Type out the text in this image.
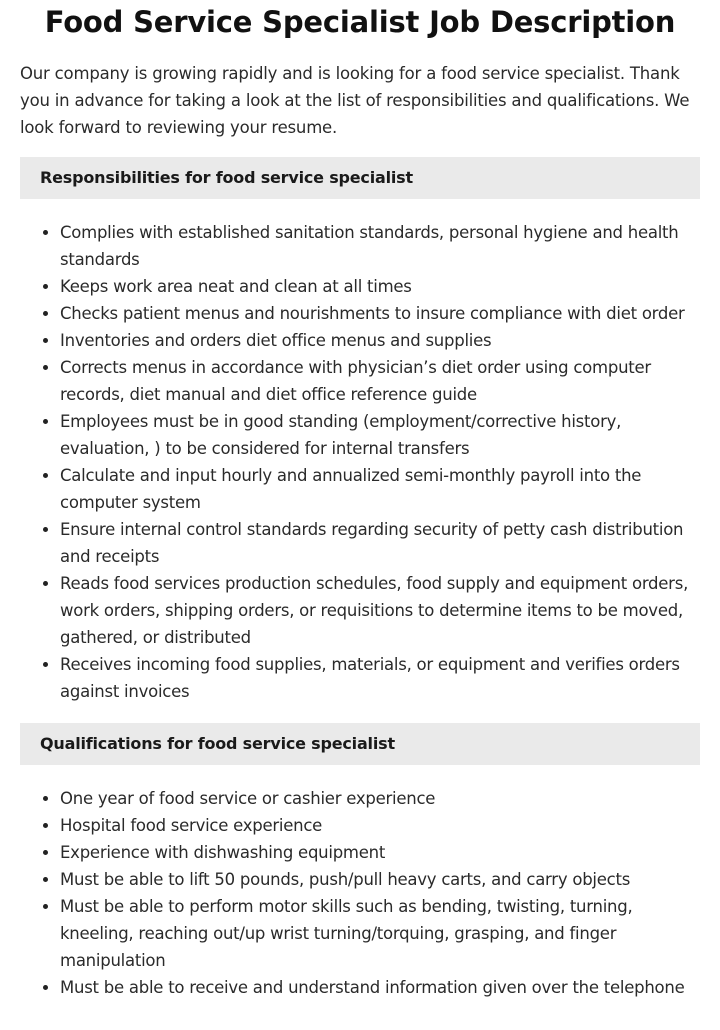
Food Service Specialist Job Description

Our company is growing rapidly and is looking for a food service specialist. Thank you in advance for taking a look at the list of responsibilities and qualifications. We look forward to reviewing your resume.

Responsibilities for food service specialist
Complies with established sanitation standards, personal hygiene and health standards
Keeps work area neat and clean at all times
Checks patient menus and nourishments to insure compliance with diet order
Inventories and orders diet office menus and supplies
Corrects menus in accordance with physician’s diet order using computer records, diet manual and diet office reference guide
Employees must be in good standing (employment/corrective history, evaluation, ) to be considered for internal transfers
Calculate and input hourly and annualized semi-monthly payroll into the computer system
Ensure internal control standards regarding security of petty cash distribution and receipts
Reads food services production schedules, food supply and equipment orders, work orders, shipping orders, or requisitions to determine items to be moved, gathered, or distributed
Receives incoming food supplies, materials, or equipment and verifies orders against invoices
Qualifications for food service specialist
One year of food service or cashier experience
Hospital food service experience
Experience with dishwashing equipment
Must be able to lift 50 pounds, push/pull heavy carts, and carry objects
Must be able to perform motor skills such as bending, twisting, turning, kneeling, reaching out/up wrist turning/torquing, grasping, and finger manipulation
Must be able to receive and understand information given over the telephone
